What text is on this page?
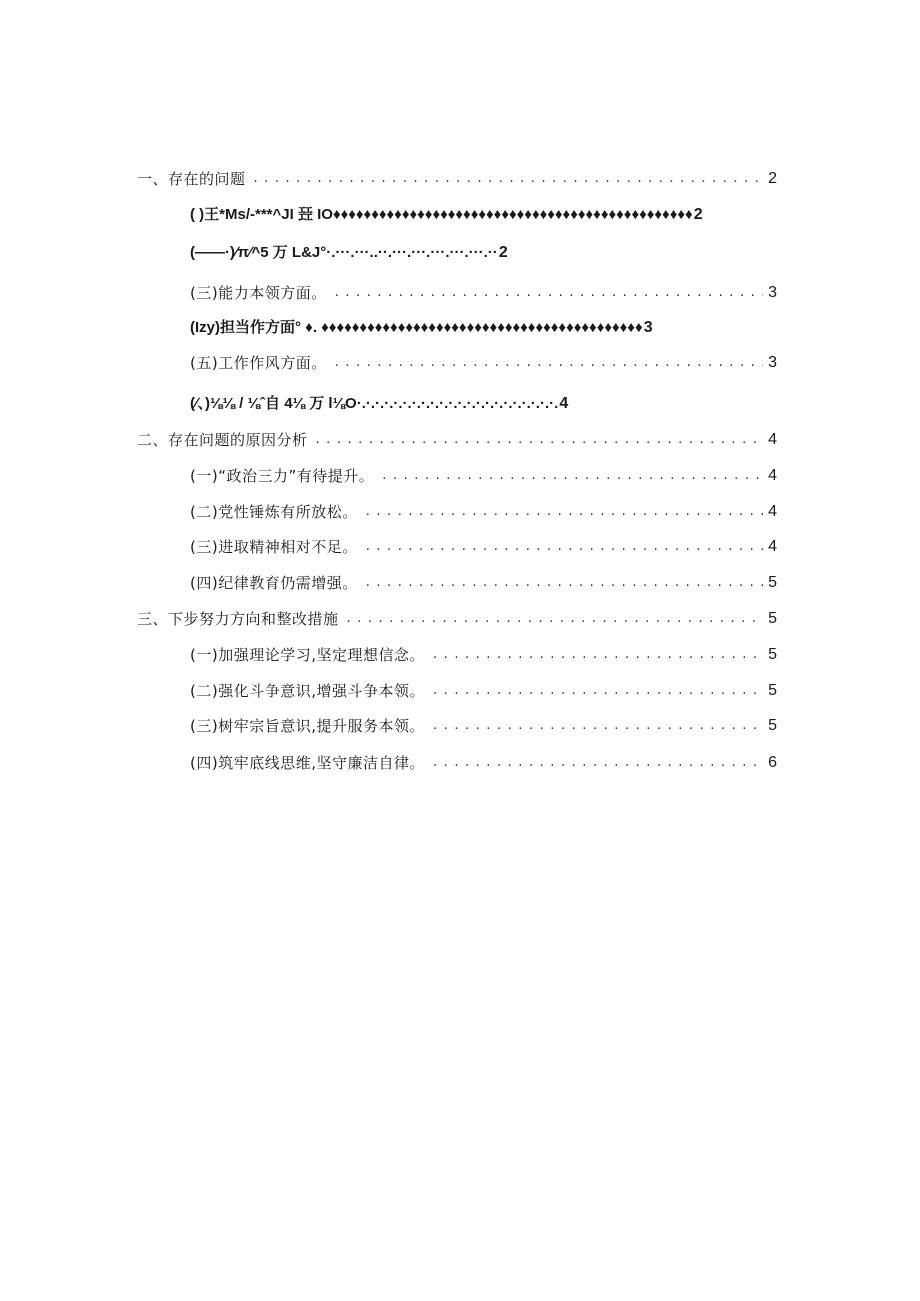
一、存在的问题 . . .	2
( )王*Ms/-***^JI 㠭 IO♦♦♦♦♦♦♦♦♦♦♦♦♦♦♦♦♦♦♦♦♦♦♦♦♦♦♦♦♦♦♦♦♦♦♦♦♦♦♦♦♦♦♦♦♦♦♦ 2
(——·)∕π∕^5 万 L&J°·.···.···..··.···.···.···.···.···.·· 2
(三)能力本领方面。 . . .	3
(Izy)担当作方面° ♦. ♦♦♦♦♦♦♦♦♦♦♦♦♦♦♦♦♦♦♦♦♦♦♦♦♦♦♦♦♦♦♦♦♦♦♦♦♦♦♦♦♦♦ 3
(五)工作作风方面。 . . .	3
(∕、)⅛⅛ / ⅛ˆ自 4⅛ 万 l⅛O·.·.·.·.·.·.·.·.·.·.·.·.·.·.·.·.·.·.·.·.·.·. 4
二、存在问题的原因分析 . . .	4
(一)“政治三力”有待提升。 . . .	4
(二)党性锤炼有所放松。 . . .	4
(三)进取精神相对不足。 . . .	4
(四)纪律教育仍需增强。 . . .	5
三、下步努力方向和整改措施 . . .	5
(一)加强理论学习,坚定理想信念。 . . .	5
(二)强化斗争意识,增强斗争本领。 . . .	5
(三)树牢宗旨意识,提升服务本领。 . . .	5
(四)筑牢底线思维,坚守廉洁自律。 . . .	6
